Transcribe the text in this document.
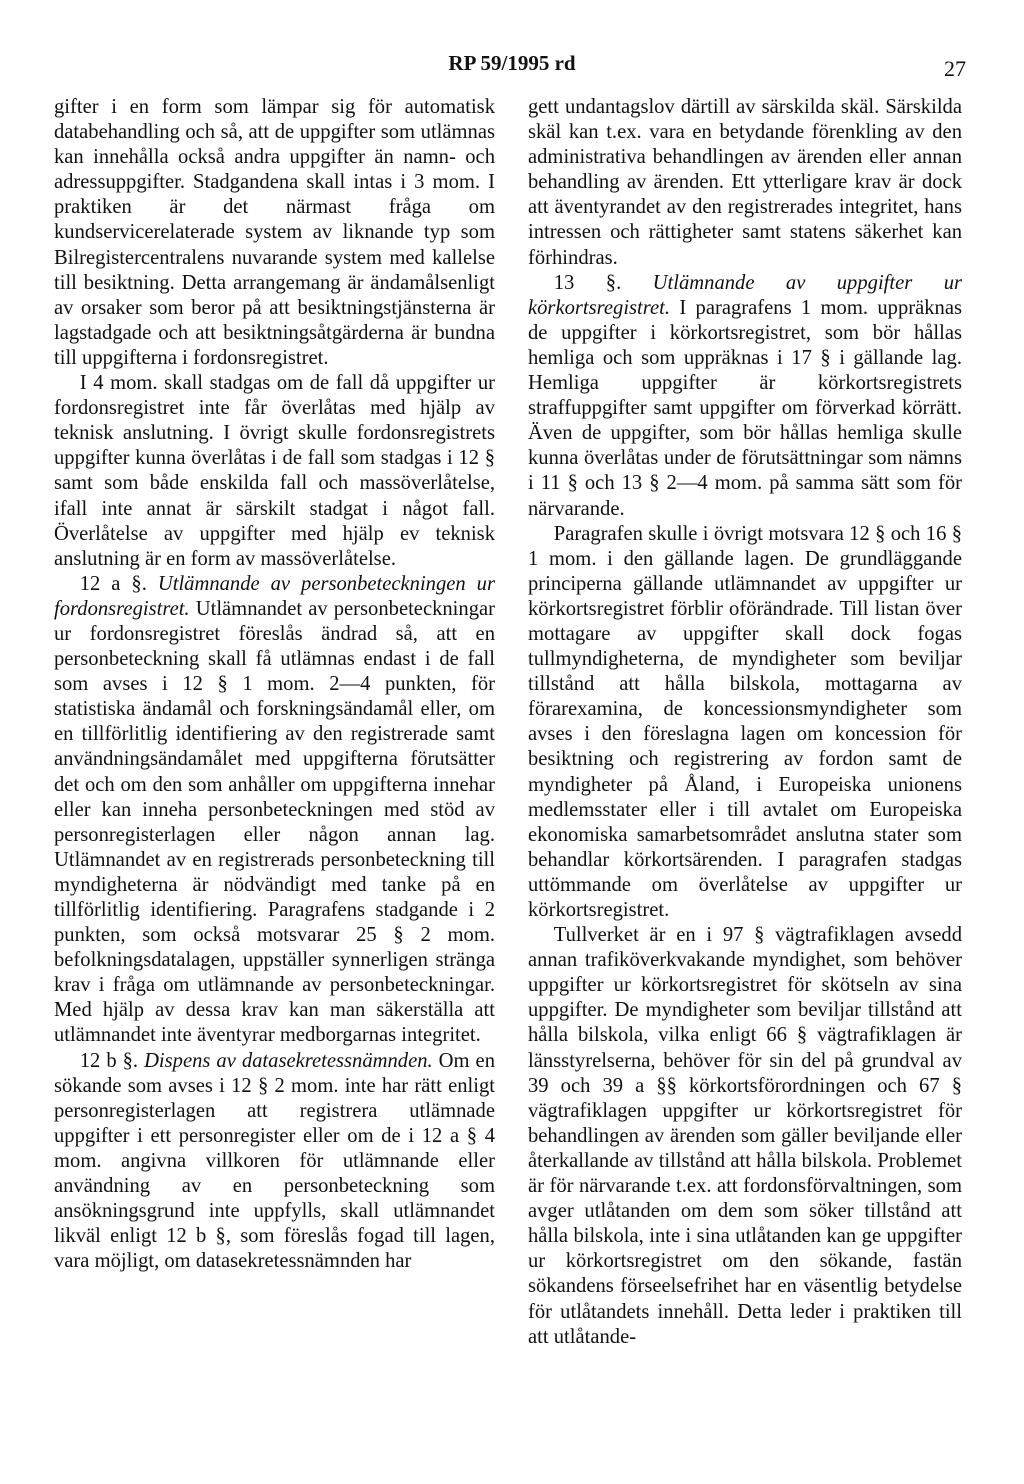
RP 59/1995 rd	27

gifter i en form som lämpar sig för automatisk databehandling och så, att de uppgifter som utlämnas kan innehålla också andra uppgifter än namn- och adressuppgifter. Stadgandena skall intas i 3 mom. I praktiken är det närmast fråga om kundservicerelaterade system av liknande typ som Bilregistercentralens nuvarande system med kallelse till besiktning. Detta arrangemang är ändamålsenligt av orsaker som beror på att besiktningstjänsterna är lagstadgade och att besiktningsåtgärderna är bundna till uppgifterna i fordonsregistret.

I 4 mom. skall stadgas om de fall då uppgifter ur fordonsregistret inte får överlåtas med hjälp av teknisk anslutning. I övrigt skulle fordonsregistrets uppgifter kunna överlåtas i de fall som stadgas i 12 § samt som både enskilda fall och massöverlåtelse, ifall inte annat är särskilt stadgat i något fall. Överlåtelse av uppgifter med hjälp ev teknisk anslutning är en form av massöverlåtelse.

12 a §. Utlämnande av personbeteckningen ur fordonsregistret. Utlämnandet av personbeteckningar ur fordonsregistret föreslås ändrad så, att en personbeteckning skall få utlämnas endast i de fall som avses i 12 § 1 mom. 2—4 punkten, för statistiska ändamål och forskningsändamål eller, om en tillförlitlig identifiering av den registrerade samt användningsändamålet med uppgifterna förutsätter det och om den som anhåller om uppgifterna innehar eller kan inneha personbeteckningen med stöd av personregisterlagen eller någon annan lag. Utlämnandet av en registrerads personbeteckning till myndigheterna är nödvändigt med tanke på en tillförlitlig identifiering. Paragrafens stadgande i 2 punkten, som också motsvarar 25 § 2 mom. befolkningsdatalagen, uppställer synnerligen stränga krav i fråga om utlämnande av personbeteckningar. Med hjälp av dessa krav kan man säkerställa att utlämnandet inte äventyrar medborgarnas integritet.

12 b §. Dispens av datasekretessnämnden. Om en sökande som avses i 12 § 2 mom. inte har rätt enligt personregisterlagen att registrera utlämnade uppgifter i ett personregister eller om de i 12 a § 4 mom. angivna villkoren för utlämnande eller användning av en personbeteckning som ansökningsgrund inte uppfylls, skall utlämnandet likväl enligt 12 b §, som föreslås fogad till lagen, vara möjligt, om datasekretessnämnden har

gett undantagslov därtill av särskilda skäl. Särskilda skäl kan t.ex. vara en betydande förenkling av den administrativa behandlingen av ärenden eller annan behandling av ärenden. Ett ytterligare krav är dock att äventyrandet av den registrerades integritet, hans intressen och rättigheter samt statens säkerhet kan förhindras.

13 §. Utlämnande av uppgifter ur körkortsregistret. I paragrafens 1 mom. uppräknas de uppgifter i körkortsregistret, som bör hållas hemliga och som uppräknas i 17 § i gällande lag. Hemliga uppgifter är körkortsregistrets straffuppgifter samt uppgifter om förverkad körrätt. Även de uppgifter, som bör hållas hemliga skulle kunna överlåtas under de förutsättningar som nämns i 11 § och 13 § 2—4 mom. på samma sätt som för närvarande.

Paragrafen skulle i övrigt motsvara 12 § och 16 § 1 mom. i den gällande lagen. De grundläggande principerna gällande utlämnandet av uppgifter ur körkortsregistret förblir oförändrade. Till listan över mottagare av uppgifter skall dock fogas tullmyndigheterna, de myndigheter som beviljar tillstånd att hålla bilskola, mottagarna av förarexamina, de koncessionsmyndigheter som avses i den föreslagna lagen om koncession för besiktning och registrering av fordon samt de myndigheter på Åland, i Europeiska unionens medlemsstater eller i till avtalet om Europeiska ekonomiska samarbetsområdet anslutna stater som behandlar körkortsärenden. I paragrafen stadgas uttömmande om överlåtelse av uppgifter ur körkortsregistret.

Tullverket är en i 97 § vägtrafiklagen avsedd annan trafiköverkvakande myndighet, som behöver uppgifter ur körkortsregistret för skötseln av sina uppgifter. De myndigheter som beviljar tillstånd att hålla bilskola, vilka enligt 66 § vägtrafiklagen är länsstyrelserna, behöver för sin del på grundval av 39 och 39 a §§ körkortsförordningen och 67 § vägtrafiklagen uppgifter ur körkortsregistret för behandlingen av ärenden som gäller beviljande eller återkallande av tillstånd att hålla bilskola. Problemet är för närvarande t.ex. att fordonsförvaltningen, som avger utlåtanden om dem som söker tillstånd att hålla bilskola, inte i sina utlåtanden kan ge uppgifter ur körkortsregistret om den sökande, fastän sökandens förseelsefrihet har en väsentlig betydelse för utlåtandets innehåll. Detta leder i praktiken till att utlåtande-
